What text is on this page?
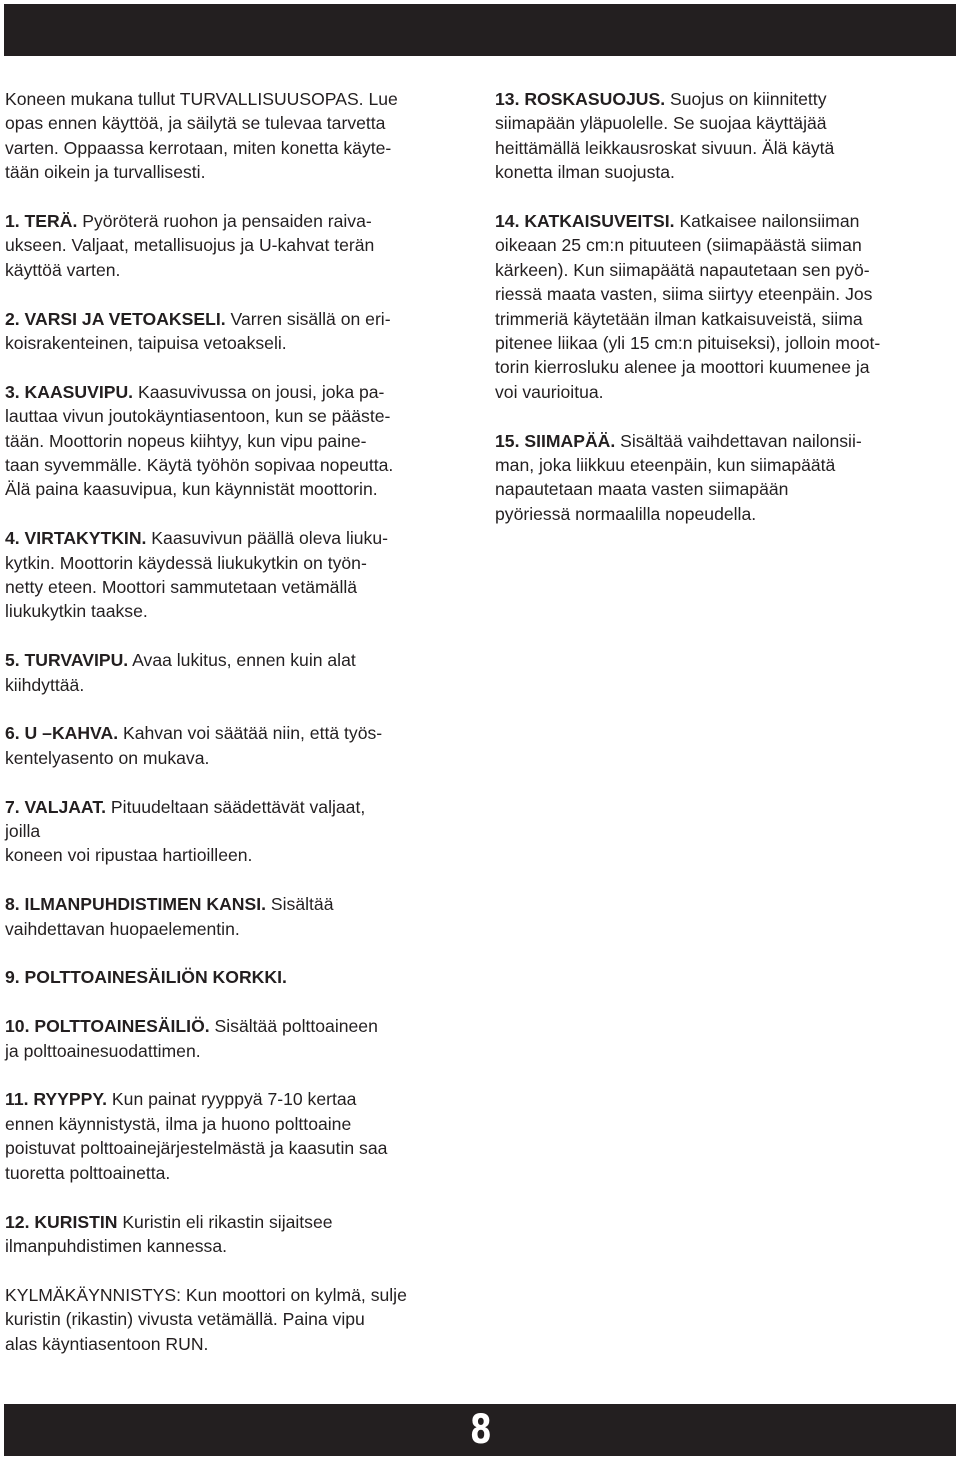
Koneen mukana tullut TURVALLISUUSOPAS. Lue
opas ennen käyttöä, ja säilytä se tulevaa tarvetta
varten. Oppaassa kerrotaan, miten konetta käyte-
tään oikein ja turvallisesti.

1. TERÄ. Pyöröterä ruohon ja pensaiden raiva-
ukseen. Valjaat, metallisuojus ja U-kahvat terän
käyttöä varten.

2. VARSI JA VETOAKSELI. Varren sisällä on eri-
koisrakenteinen, taipuisa vetoakseli.

3. KAASUVIPU. Kaasuvivussa on jousi, joka pa-
lauttaa vivun joutokäyntiasentoon, kun se pääste-
tään. Moottorin nopeus kiihtyy, kun vipu paine-
taan syvemmälle. Käytä työhön sopivaa nopeutta.
Älä paina kaasuvipua, kun käynnistät moottorin.

4. VIRTAKYTKIN. Kaasuvivun päällä oleva liuku-
kytkin. Moottorin käydessä liukukytkin on työn-
netty eteen. Moottori sammutetaan vetämällä
liukukytkin taakse.

5. TURVAVIPU. Avaa lukitus, ennen kuin alat
kiihdyttää.

6. U –KAHVA. Kahvan voi säätää niin, että työs-
kentelyasento on mukava.

7. VALJAAT. Pituudeltaan säädettävät valjaat,
joilla
koneen voi ripustaa hartioilleen.

8. ILMANPUHDISTIMEN KANSI. Sisältää
vaihdettavan huopaelementin.

9. POLTTOAINESÄILIÖN KORKKI.

10. POLTTOAINESÄILIÖ. Sisältää polttoaineen
ja polttoainesuodattimen.

11. RYYPPY. Kun painat ryyppyä 7-10 kertaa
ennen käynnistystä, ilma ja huono polttoaine
poistuvat polttoainejärjestelmästä ja kaasutin saa
tuoretta polttoainetta.

12. KURISTIN Kuristin eli rikastin sijaitsee
ilmanpuhdistimen kannessa.

KYLMÄKÄYNNISTYS: Kun moottori on kylmä, sulje
kuristin (rikastin) vivusta vetämällä. Paina vipu
alas käyntiasentoon RUN.

13. ROSKASUOJUS. Suojus on kiinnitetty
siimapään yläpuolelle. Se suojaa käyttäjää
heittämällä leikkausroskat sivuun. Älä käytä
konetta ilman suojusta.

14. KATKAISUVEITSI. Katkaisee nailonsiiman
oikeaan 25 cm:n pituuteen (siimapäästä siiman
kärkeen). Kun siimapäätä napautetaan sen pyö-
riessä maata vasten, siima siirtyy eteenpäin. Jos
trimmeriä käytetään ilman katkaisuveistä, siima
pitenee liikaa (yli 15 cm:n pituiseksi), jolloin moot-
torin kierrosluku alenee ja moottori kuumenee ja
voi vaurioitua.

15. SIIMAPÄÄ. Sisältää vaihdettavan nailonsii-
man, joka liikkuu eteenpäin, kun siimapäätä
napautetaan maata vasten siimapään
pyöriessä normaalilla nopeudella.

8
